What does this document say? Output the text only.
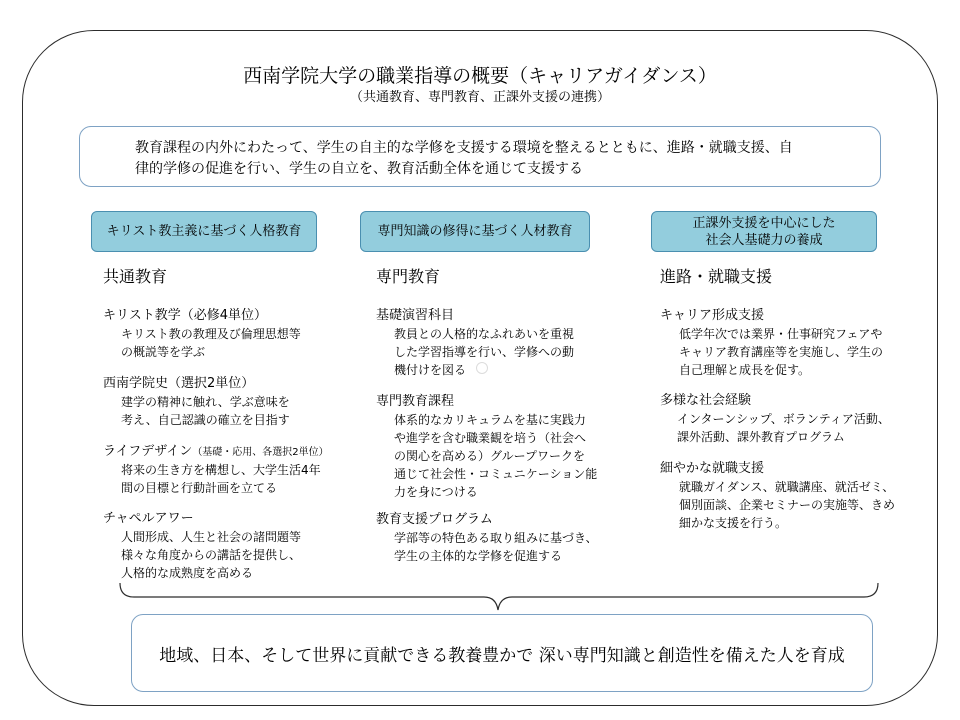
西南学院大学の職業指導の概要（キャリアガイダンス）
（共通教育、専門教育、正課外支援の連携）
教育課程の内外にわたって、学生の自主的な学修を支援する環境を整えるとともに、進路・就職支援、自
律的学修の促進を行い、学生の自立を、教育活動全体を通じて支援する
キリスト教主義に基づく人格教育	専門知識の修得に基づく人材教育
正課外支援を中心にした
社会人基礎力の養成
共通教育
キリスト教学（必修4単位）
キリスト教の教理及び倫理思想等
の概説等を学ぶ
西南学院史（選択2単位）
建学の精神に触れ、学ぶ意味を
考え、自己認識の確立を目指す
ライフデザイン（基礎・応用、各選択2単位）
将来の生き方を構想し、大学生活4年
間の目標と行動計画を立てる
チャペルアワー
人間形成、人生と社会の諸問題等
様々な角度からの講話を提供し、
人格的な成熟度を高める
専門教育
基礎演習科目
教員との人格的なふれあいを重視
した学習指導を行い、学修への動
機付けを図る
専門教育課程
体系的なカリキュラムを基に実践力
や進学を含む職業観を培う（社会へ
の関心を高める）グループワークを
通じて社会性・コミュニケーション能
力を身につける
教育支援プログラム
学部等の特色ある取り組みに基づき、
学生の主体的な学修を促進する
進路・就職支援
キャリア形成支援
低学年次では業界・仕事研究フェアや
キャリア教育講座等を実施し、学生の
自己理解と成長を促す。
多様な社会経験
インターンシップ、ボランティア活動、
課外活動、課外教育プログラム
細やかな就職支援
就職ガイダンス、就職講座、就活ゼミ、
個別面談、企業セミナーの実施等、きめ
細かな支援を行う。
地域、日本、そして世界に貢献できる教養豊かで 深い専門知識と創造性を備えた人を育成
